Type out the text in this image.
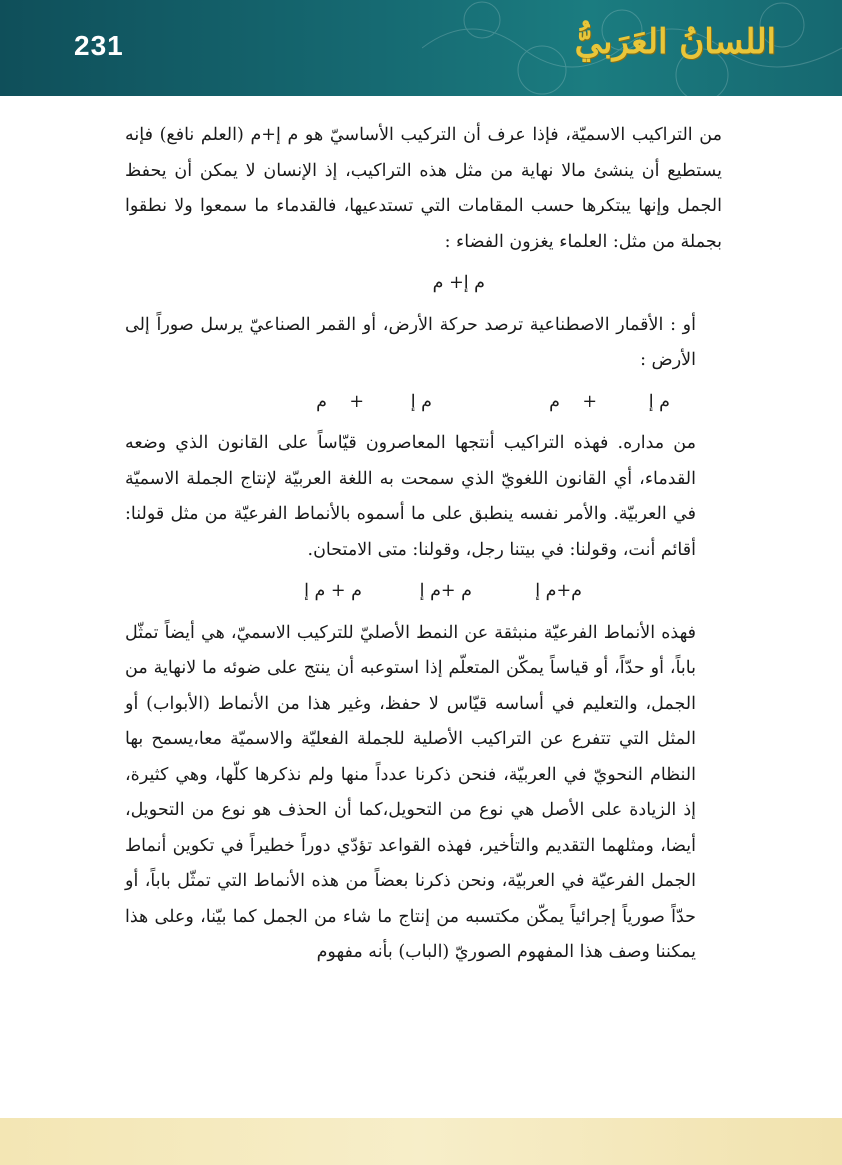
231	اللسانُ العَرَبيُّ

من التراكيب الاسميّة، فإذا عرف أن التركيب الأساسيّ هو م إ+م (العلم نافع) فإنه يستطيع أن ينشئ مالا نهاية من مثل هذه التراكيب، إذ الإنسان لا يمكن أن يحفظ الجمل وإنها يبتكرها حسب المقامات التي تستدعيها، فالقدماء ما سمعوا ولا نطقوا بجملة من مثل: العلماء يغزون الفضاء :

م إ+ م

أو : الأقمار الاصطناعية ترصد حركة الأرض، أو القمر الصناعيّ يرسل صوراً إلى الأرض :

م إ
+
م
م إ
+
م

من مداره. فهذه التراكيب أنتجها المعاصرون قيّاساً على القانون الذي وضعه القدماء، أي القانون اللغويّ الذي سمحت به اللغة العربيّة لإنتاج الجملة الاسميّة في العربيّة. والأمر نفسه ينطبق على ما أسموه بالأنماط الفرعيّة من مثل قولنا: أقائم أنت، وقولنا: في بيتنا رجل، وقولنا: متى الامتحان.

م+م إ
م +م إ
م + م إ

فهذه الأنماط الفرعيّة منبثقة عن النمط الأصليّ للتركيب الاسميّ، هي أيضاً تمثّل باباً، أو حدّاً، أو قياساً يمكّن المتعلّم إذا استوعبه أن ينتج على ضوئه ما لانهاية من الجمل، والتعليم في أساسه قيّاس لا حفظ، وغير هذا من الأنماط (الأبواب) أو المثل التي تتفرع عن التراكيب الأصلية للجملة الفعليّة والاسميّة معا،يسمح بها النظام النحويّ في العربيّة، فنحن ذكرنا عدداً منها ولم نذكرها كلّها، وهي كثيرة، إذ الزيادة على الأصل هي نوع من التحويل،كما أن الحذف هو نوع من التحويل، أيضا، ومثلهما التقديم والتأخير، فهذه القواعد تؤدّي دوراً خطيراً في تكوين أنماط الجمل الفرعيّة في العربيّة، ونحن ذكرنا بعضاً من هذه الأنماط التي تمثّل باباً، أو حدّاً صورياً إجرائياً يمكّن مكتسبه من إنتاج ما شاء من الجمل كما بيّنا، وعلى هذا يمكننا وصف هذا المفهوم الصوريّ (الباب) بأنه مفهوم
